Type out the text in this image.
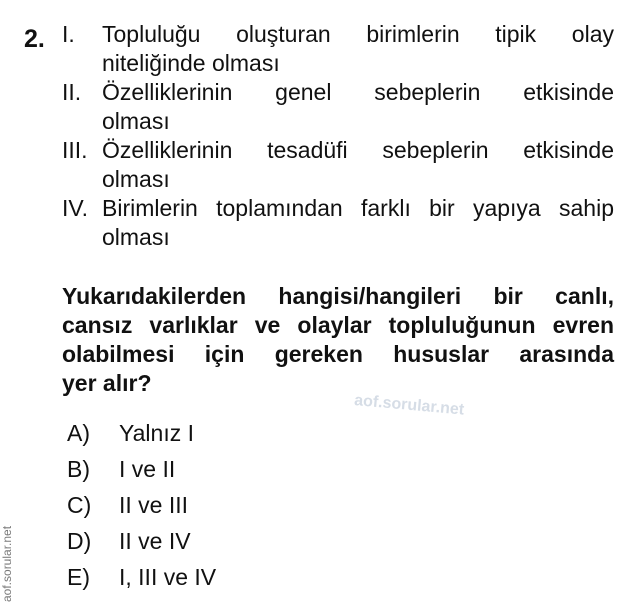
2. I. Topluluğu oluşturan birimlerin tipik olay
niteliğinde olması
II. Özelliklerinin genel sebeplerin etkisinde
olması
III. Özelliklerinin tesadüfi sebeplerin etkisinde
olması
IV. Birimlerin toplamından farklı bir yapıya sahip
olması
Yukarıdakilerden hangisi/hangileri bir canlı,
cansız varlıklar ve olaylar topluluğunun evren
olabilmesi için gereken hususlar arasında
yer alır?
A) Yalnız I
B) I ve II
C) II ve III
D) II ve IV
E) I, III ve IV
aof.sorular.net
aof.sorular.net
